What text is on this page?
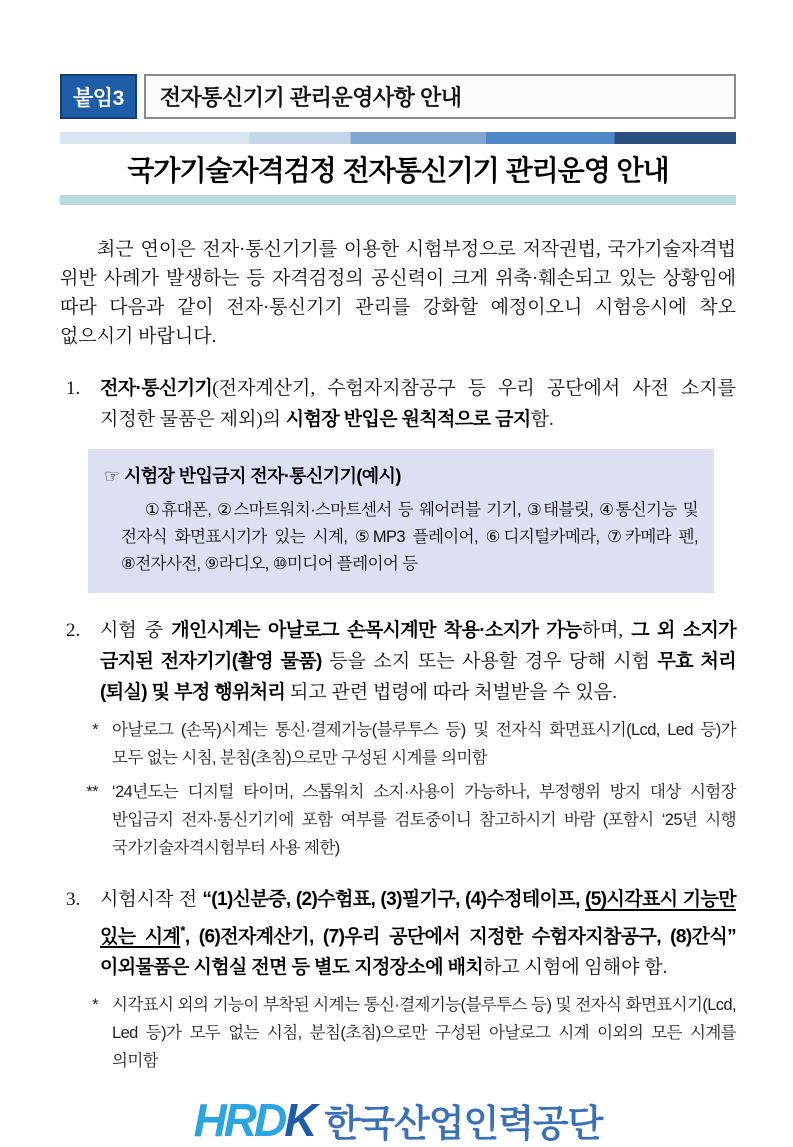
붙임3	전자통신기기 관리운영사항 안내
국가기술자격검정 전자통신기기 관리운영 안내

최근 연이은 전자·통신기기를 이용한 시험부정으로 저작권법, 국가기술자격법 위반 사례가 발생하는 등 자격검정의 공신력이 크게 위축·훼손되고 있는 상황임에 따라 다음과 같이 전자·통신기기 관리를 강화할 예정이오니 시험응시에 착오 없으시기 바랍니다.

1. 전자·통신기기(전자계산기, 수험자지참공구 등 우리 공단에서 사전 소지를 지정한 물품은 제외)의 시험장 반입은 원칙적으로 금지함.
☞ 시험장 반입금지 전자·통신기기(예시)
①휴대폰, ②스마트워치·스마트센서 등 웨어러블 기기, ③태블릿, ④통신기능 및 전자식 화면표시기가 있는 시계, ⑤MP3 플레이어, ⑥디지털카메라, ⑦카메라 펜, ⑧전자사전, ⑨라디오, ⑩미디어 플레이어 등
2. 시험 중 개인시계는 아날로그 손목시계만 착용·소지가 가능하며, 그 외 소지가 금지된 전자기기(촬영 물품) 등을 소지 또는 사용할 경우 당해 시험 무효 처리(퇴실) 및 부정 행위처리 되고 관련 법령에 따라 처벌받을 수 있음.
* 아날로그 (손목)시계는 통신·결제기능(블루투스 등) 및 전자식 화면표시기(Lcd, Led 등)가 모두 없는 시침, 분침(초침)으로만 구성된 시계를 의미함
** ‘24년도는 디지털 타이머, 스톱워치 소지·사용이 가능하나, 부정행위 방지 대상 시험장 반입금지 전자·통신기기에 포함 여부를 검토중이니 참고하시기 바람 (포함시 ‘25년 시행 국가기술자격시험부터 사용 제한)
3. 시험시작 전 “(1)신분증, (2)수험표, (3)필기구, (4)수정테이프, (5)시각표시 기능만 있는 시계*, (6)전자계산기, (7)우리 공단에서 지정한 수험자지참공구, (8)간식” 이외물품은 시험실 전면 등 별도 지정장소에 배치하고 시험에 임해야 함.
* 시각표시 외의 기능이 부착된 시계는 통신·결제기능(블루투스 등) 및 전자식 화면표시기(Lcd, Led 등)가 모두 없는 시침, 분침(초침)으로만 구성된 아날로그 시계 이외의 모든 시계를 의미함
HRDK 한국산업인력공단
